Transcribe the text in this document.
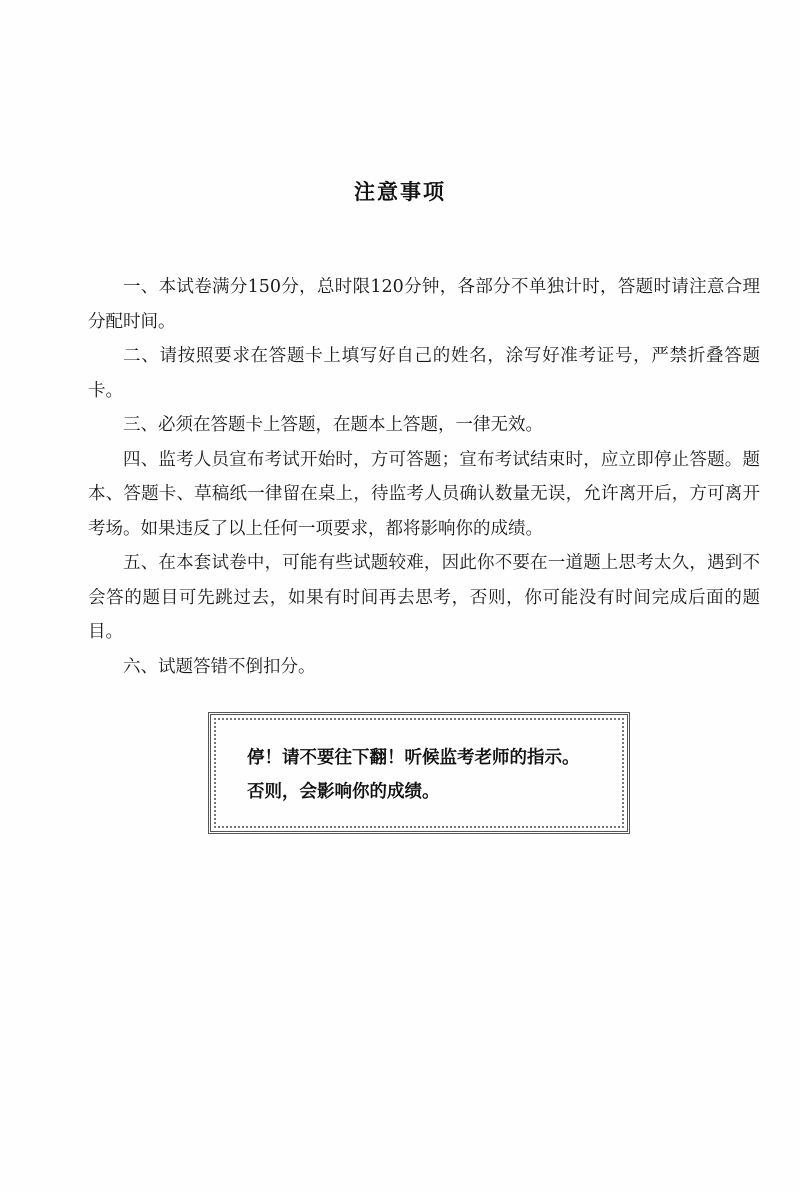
注意事项

一、本试卷满分150分，总时限120分钟，各部分不单独计时，答题时请注意合理分配时间。

二、请按照要求在答题卡上填写好自己的姓名，涂写好准考证号，严禁折叠答题卡。

三、必须在答题卡上答题，在题本上答题，一律无效。

四、监考人员宣布考试开始时，方可答题；宣布考试结束时，应立即停止答题。题本、答题卡、草稿纸一律留在桌上，待监考人员确认数量无误，允许离开后，方可离开考场。如果违反了以上任何一项要求，都将影响你的成绩。

五、在本套试卷中，可能有些试题较难，因此你不要在一道题上思考太久，遇到不会答的题目可先跳过去，如果有时间再去思考，否则，你可能没有时间完成后面的题目。

六、试题答错不倒扣分。

停！请不要往下翻！听候监考老师的指示。
否则，会影响你的成绩。
